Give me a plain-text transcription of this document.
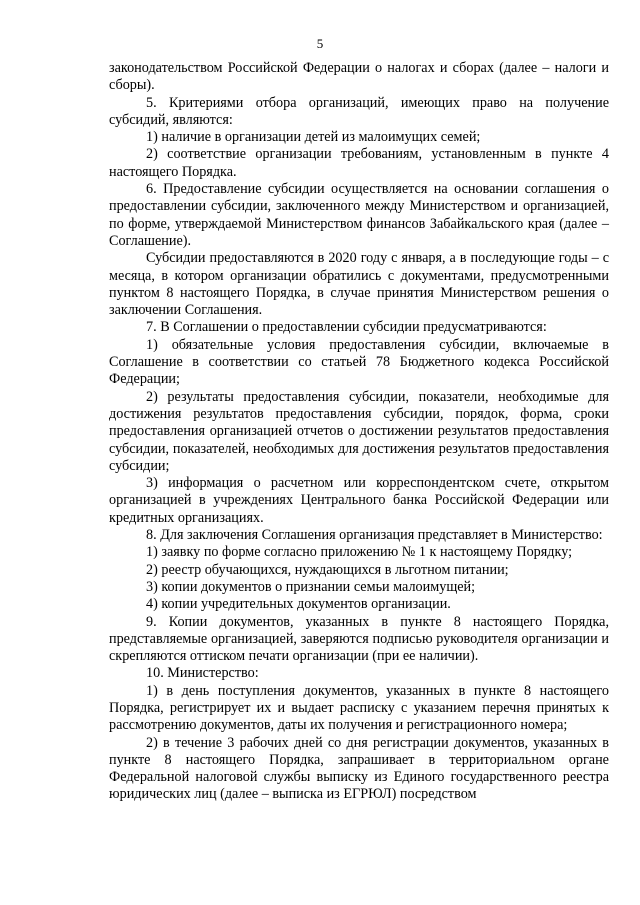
5

законодательством Российской Федерации о налогах и сборах (далее – налоги и сборы).

5. Критериями отбора организаций, имеющих право на получение субсидий, являются:

1) наличие в организации детей из малоимущих семей;

2) соответствие организации требованиям, установленным в пункте 4 настоящего Порядка.

6. Предоставление субсидии осуществляется на основании соглашения о предоставлении субсидии, заключенного между Министерством и организацией, по форме, утверждаемой Министерством финансов Забайкальского края (далее – Соглашение).

Субсидии предоставляются в 2020 году с января, а в последующие годы – с месяца, в котором организации обратились с документами, предусмотренными пунктом 8 настоящего Порядка, в случае принятия Министерством решения о заключении Соглашения.

7. В Соглашении о предоставлении субсидии предусматриваются:

1) обязательные условия предоставления субсидии, включаемые в Соглашение в соответствии со статьей 78 Бюджетного кодекса Российской Федерации;

2) результаты предоставления субсидии, показатели, необходимые для достижения результатов предоставления субсидии, порядок, форма, сроки предоставления организацией отчетов о достижении результатов предоставления субсидии, показателей, необходимых для достижения результатов предоставления субсидии;

3) информация о расчетном или корреспондентском счете, открытом организацией в учреждениях Центрального банка Российской Федерации или кредитных организациях.

8. Для заключения Соглашения организация представляет в Министерство:

1) заявку по форме согласно приложению № 1 к настоящему Порядку;

2) реестр обучающихся, нуждающихся в льготном питании;

3) копии документов о признании семьи малоимущей;

4) копии учредительных документов организации.

9. Копии документов, указанных в пункте 8 настоящего Порядка, представляемые организацией, заверяются подписью руководителя организации и скрепляются оттиском печати организации (при ее наличии).

10. Министерство:

1) в день поступления документов, указанных в пункте 8 настоящего Порядка, регистрирует их и выдает расписку с указанием перечня принятых к рассмотрению документов, даты их получения и регистрационного номера;

2) в течение 3 рабочих дней со дня регистрации документов, указанных в пункте 8 настоящего Порядка, запрашивает в территориальном органе Федеральной налоговой службы выписку из Единого государственного реестра юридических лиц (далее – выписка из ЕГРЮЛ) посредством
